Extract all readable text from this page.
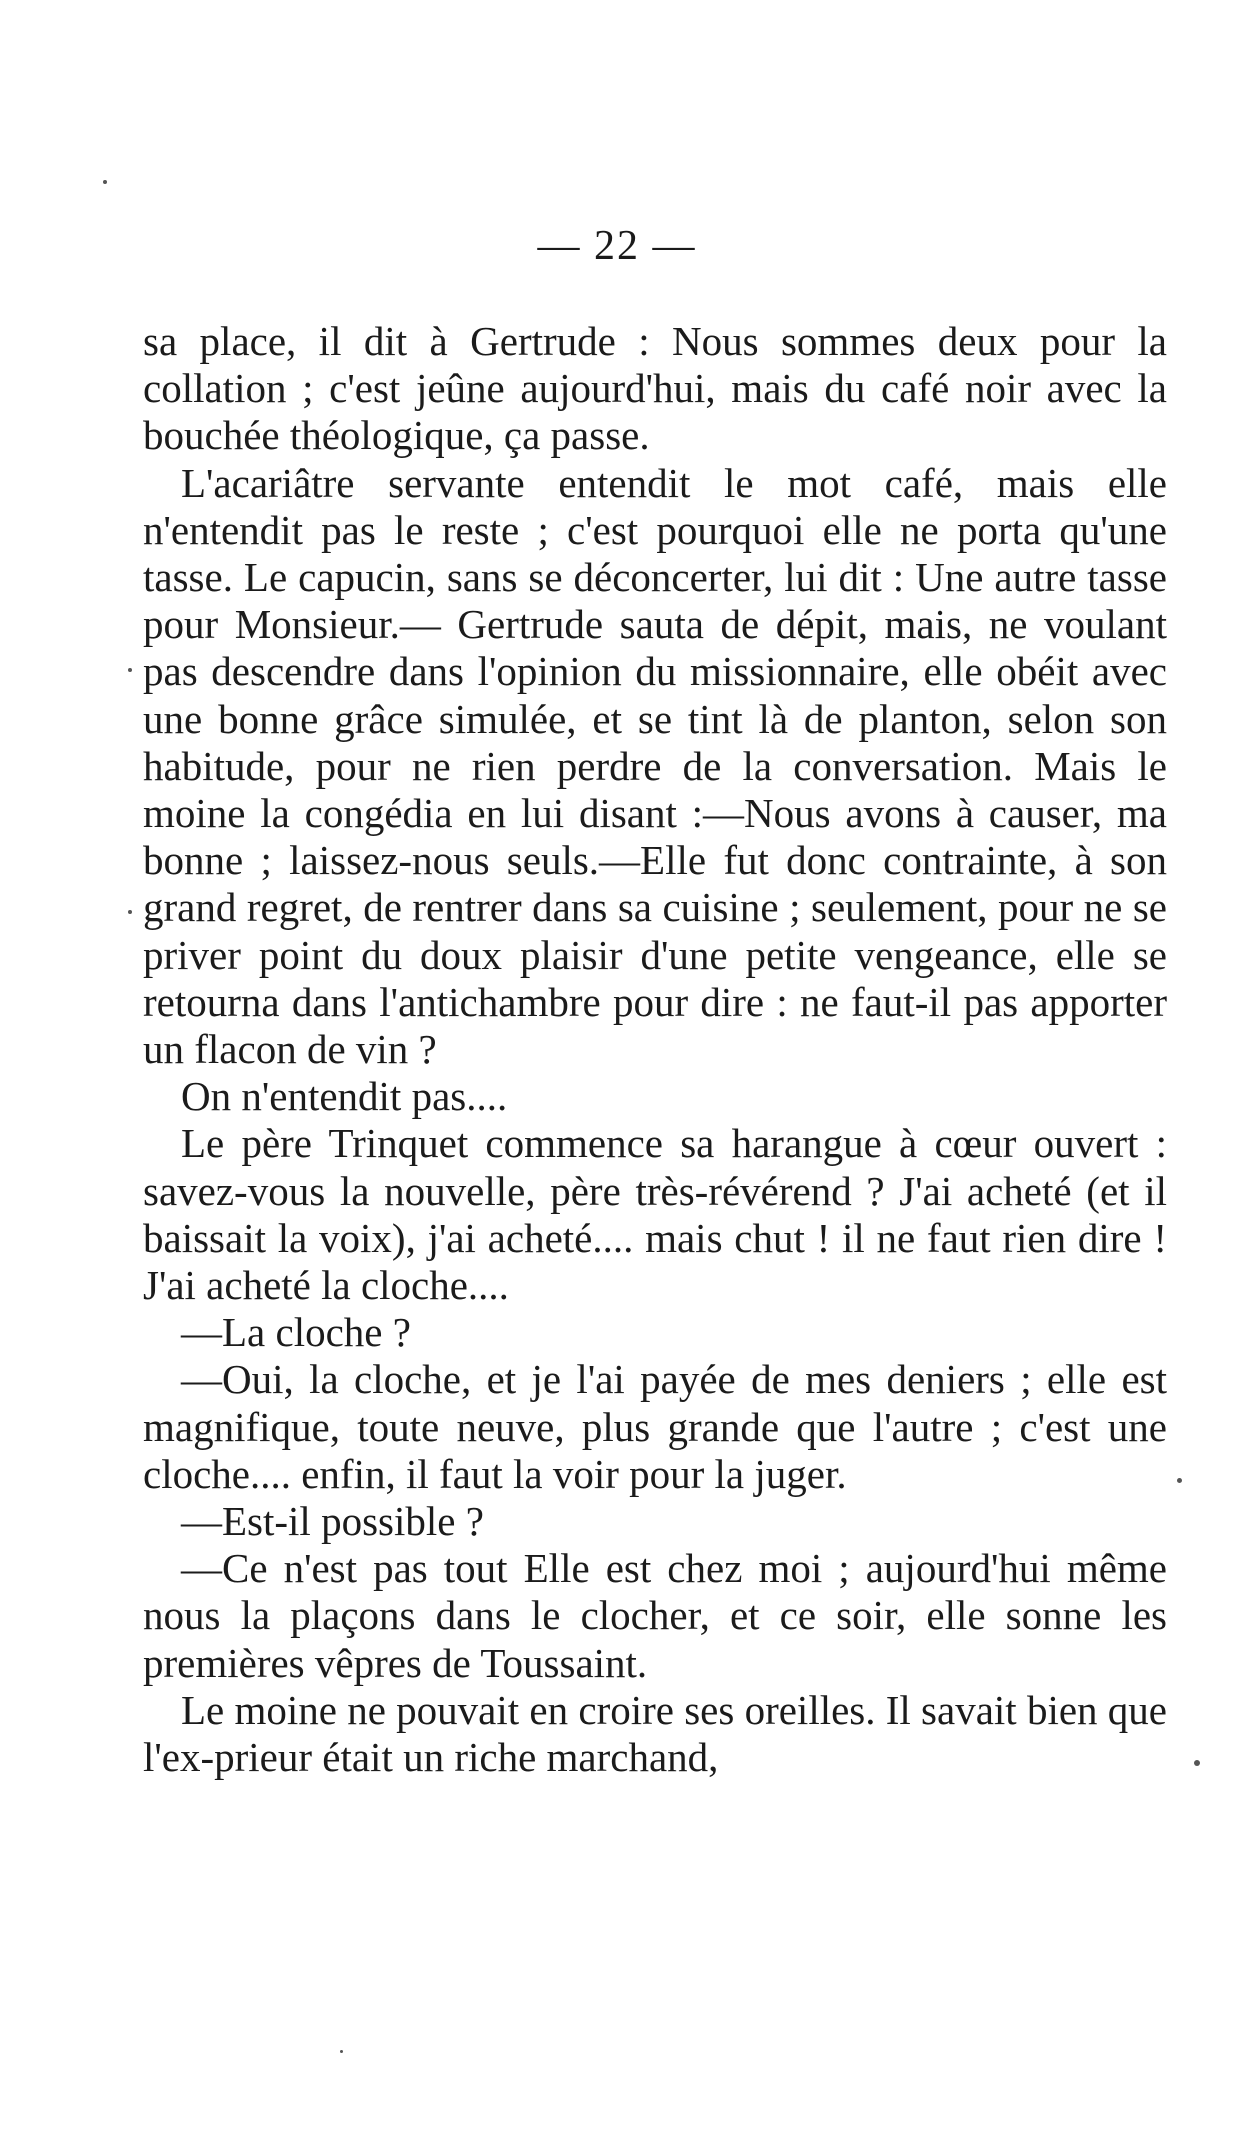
— 22 —

sa place, il dit à Gertrude : Nous sommes deux pour la collation ; c'est jeûne aujourd'hui, mais du café noir avec la bouchée théologique, ça passe.

L'acariâtre servante entendit le mot café, mais elle n'entendit pas le reste ; c'est pourquoi elle ne porta qu'une tasse. Le capucin, sans se déconcerter, lui dit : Une autre tasse pour Monsieur.— Gertrude sauta de dépit, mais, ne voulant pas descendre dans l'opinion du missionnaire, elle obéit avec une bonne grâce simulée, et se tint là de planton, selon son habitude, pour ne rien perdre de la conversation. Mais le moine la congédia en lui disant :—Nous avons à causer, ma bonne ; laissez-nous seuls.—Elle fut donc contrainte, à son grand regret, de rentrer dans sa cuisine ; seulement, pour ne se priver point du doux plaisir d'une petite vengeance, elle se retourna dans l'antichambre pour dire : ne faut-il pas apporter un flacon de vin ?

On n'entendit pas....

Le père Trinquet commence sa harangue à cœur ouvert : savez-vous la nouvelle, père très-révérend ? J'ai acheté (et il baissait la voix), j'ai acheté.... mais chut ! il ne faut rien dire ! J'ai acheté la cloche....

—La cloche ?

—Oui, la cloche, et je l'ai payée de mes deniers ; elle est magnifique, toute neuve, plus grande que l'autre ; c'est une cloche.... enfin, il faut la voir pour la juger.

—Est-il possible ?

—Ce n'est pas tout Elle est chez moi ; aujourd'hui même nous la plaçons dans le clocher, et ce soir, elle sonne les premières vêpres de Toussaint.

Le moine ne pouvait en croire ses oreilles. Il savait bien que l'ex-prieur était un riche marchand,
